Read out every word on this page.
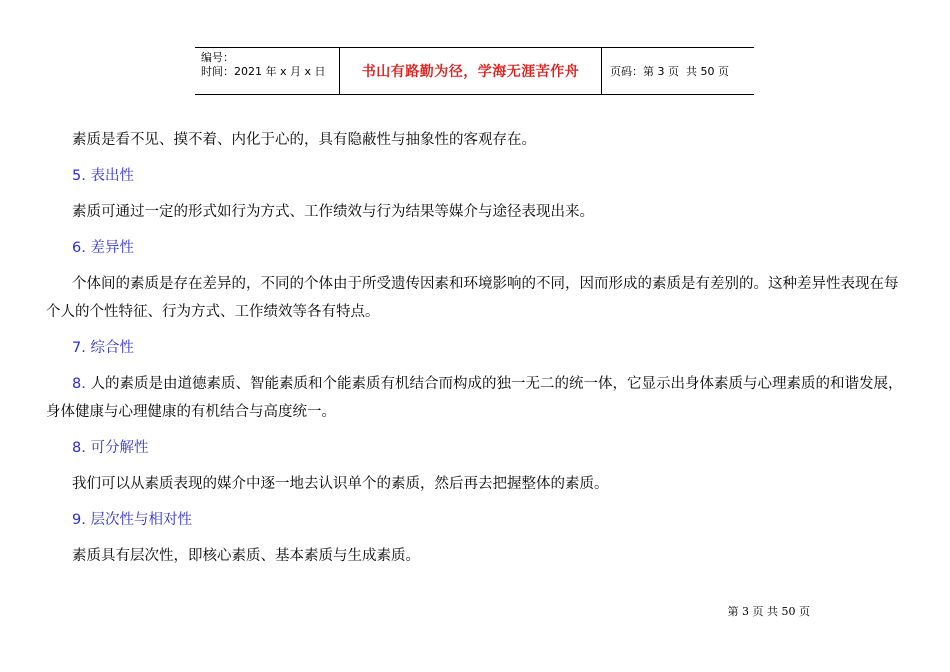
编号：
时间：2021 年 x 月 x 日	书山有路勤为径，学海无涯苦作舟	页码：第 3 页  共 50 页

素质是看不见、摸不着、内化于心的，具有隐蔽性与抽象性的客观存在。

5. 表出性

素质可通过一定的形式如行为方式、工作绩效与行为结果等媒介与途径表现出来。

6. 差异性

个体间的素质是存在差异的，不同的个体由于所受遗传因素和环境影响的不同，因而形成的素质是有差别的。这种差异性表现在每个人的个性特征、行为方式、工作绩效等各有特点。

7. 综合性

8. 人的素质是由道德素质、智能素质和个能素质有机结合而构成的独一无二的统一体，它显示出身体素质与心理素质的和谐发展，身体健康与心理健康的有机结合与高度统一。

8. 可分解性

我们可以从素质表现的媒介中逐一地去认识单个的素质，然后再去把握整体的素质。

9. 层次性与相对性

素质具有层次性，即核心素质、基本素质与生成素质。

第 3 页 共 50 页
